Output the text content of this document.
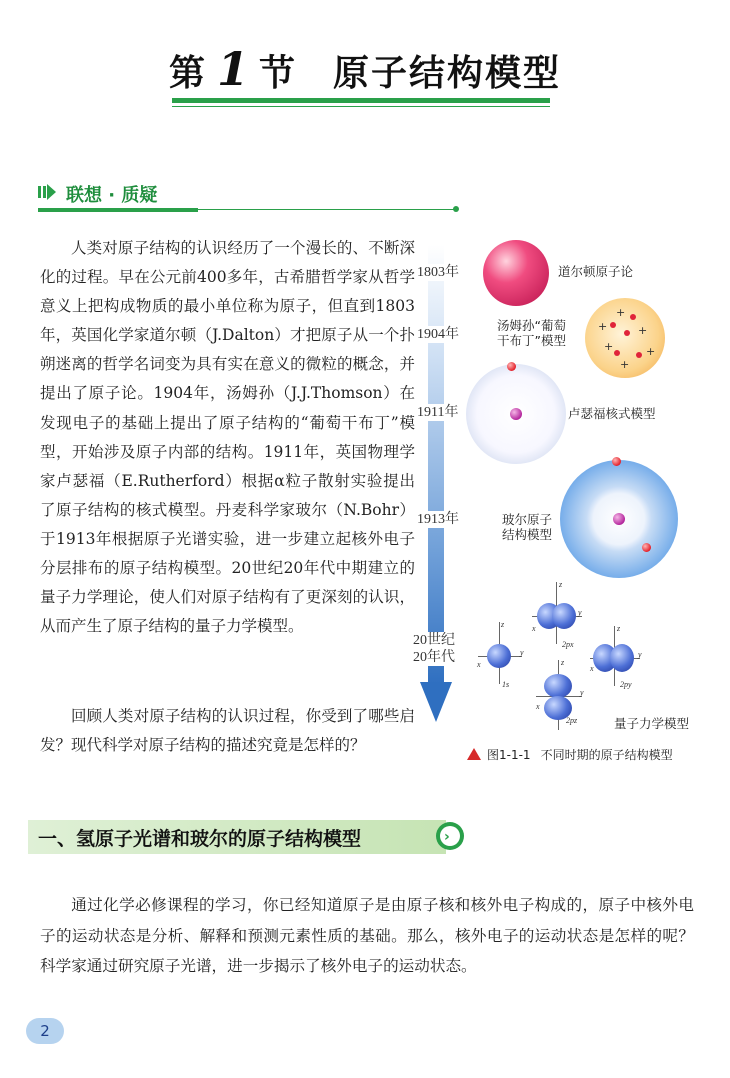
第 1 节 原子结构模型
联想 · 质疑

人类对原子结构的认识经历了一个漫长的、不断深化的过程。早在公元前400多年，古希腊哲学家从哲学意义上把构成物质的最小单位称为原子，但直到1803年，英国化学家道尔顿（J.Dalton）才把原子从一个扑朔迷离的哲学名词变为具有实在意义的微粒的概念，并提出了原子论。1904年，汤姆孙（J.J.Thomson）在发现电子的基础上提出了原子结构的“葡萄干布丁”模型，开始涉及原子内部的结构。1911年，英国物理学家卢瑟福（E.Rutherford）根据α粒子散射实验提出了原子结构的核式模型。丹麦科学家玻尔（N.Bohr）于1913年根据原子光谱实验，进一步建立起核外电子分层排布的原子结构模型。20世纪20年代中期建立的量子力学理论，使人们对原子结构有了更深刻的认识，从而产生了原子结构的量子力学模型。

回顾人类对原子结构的认识过程，你受到了哪些启发？现代科学对原子结构的描述究竟是怎样的？

1803年
1904年
1911年
1913年
20世纪
20年代
道尔顿原子论
+
+
+
+	+
+
汤姆孙“葡萄
干布丁”模型
卢瑟福核式模型
玻尔原子
结构模型
z
y
x
1s
z
y
x
2px
z
y
x
2pz
z
y
x
2py
量子力学模型
图1-1-1 不同时期的原子结构模型
一、氢原子光谱和玻尔的原子结构模型	›

通过化学必修课程的学习，你已经知道原子是由原子核和核外电子构成的，原子中核外电子的运动状态是分析、解释和预测元素性质的基础。那么，核外电子的运动状态是怎样的呢？科学家通过研究原子光谱，进一步揭示了核外电子的运动状态。

2
